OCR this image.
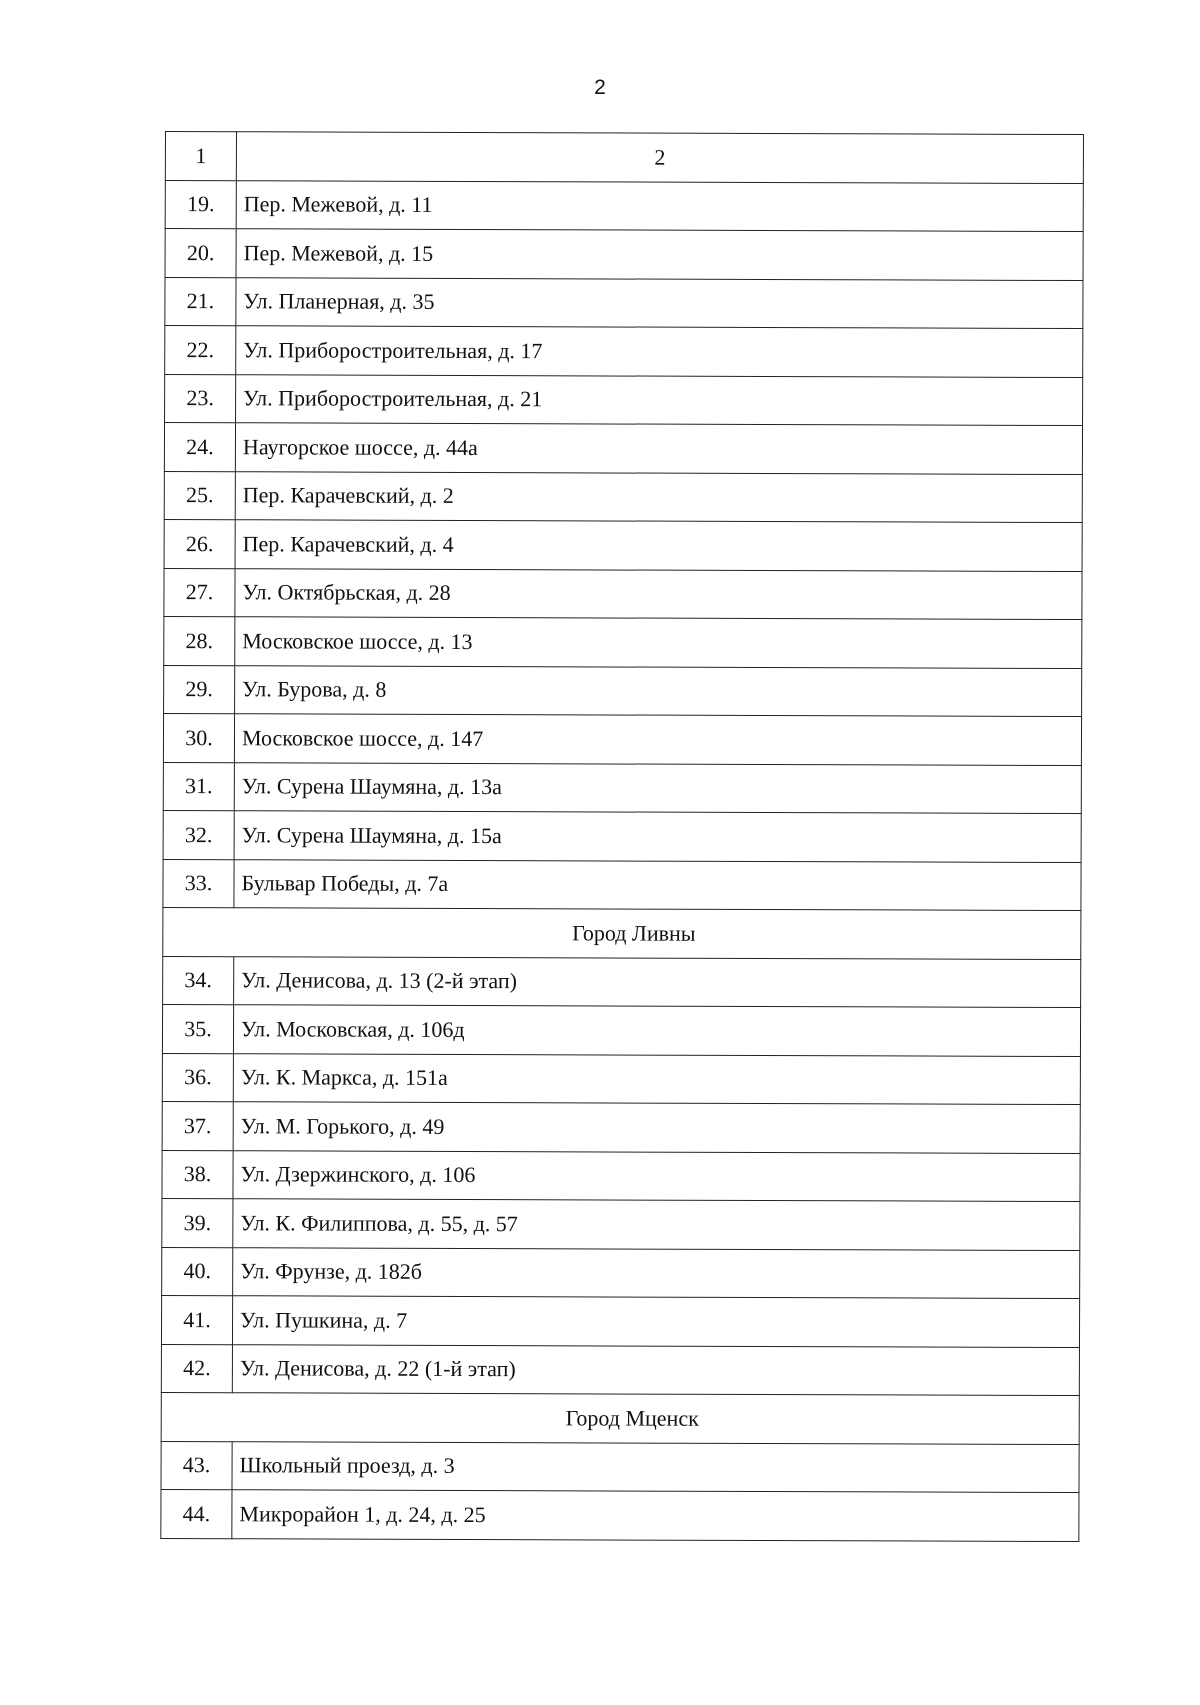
2
1	2
19.	Пер. Межевой, д. 11
20.	Пер. Межевой, д. 15
21.	Ул. Планерная, д. 35
22.	Ул. Приборостроительная, д. 17
23.	Ул. Приборостроительная, д. 21
24.	Наугорское шоссе, д. 44а
25.	Пер. Карачевский, д. 2
26.	Пер. Карачевский, д. 4
27.	Ул. Октябрьская, д. 28
28.	Московское шоссе, д. 13
29.	Ул. Бурова, д. 8
30.	Московское шоссе, д. 147
31.	Ул. Сурена Шаумяна, д. 13а
32.	Ул. Сурена Шаумяна, д. 15а
33.	Бульвар Победы, д. 7а
Город Ливны	
34.	Ул. Денисова, д. 13 (2-й этап)
35.	Ул. Московская, д. 106д
36.	Ул. К. Маркса, д. 151а
37.	Ул. М. Горького, д. 49
38.	Ул. Дзержинского, д. 106
39.	Ул. К. Филиппова, д. 55, д. 57
40.	Ул. Фрунзе, д. 182б
41.	Ул. Пушкина, д. 7
42.	Ул. Денисова, д. 22 (1-й этап)
Город Мценск	
43.	Школьный проезд, д. 3
44.	Микрорайон 1, д. 24, д. 25
